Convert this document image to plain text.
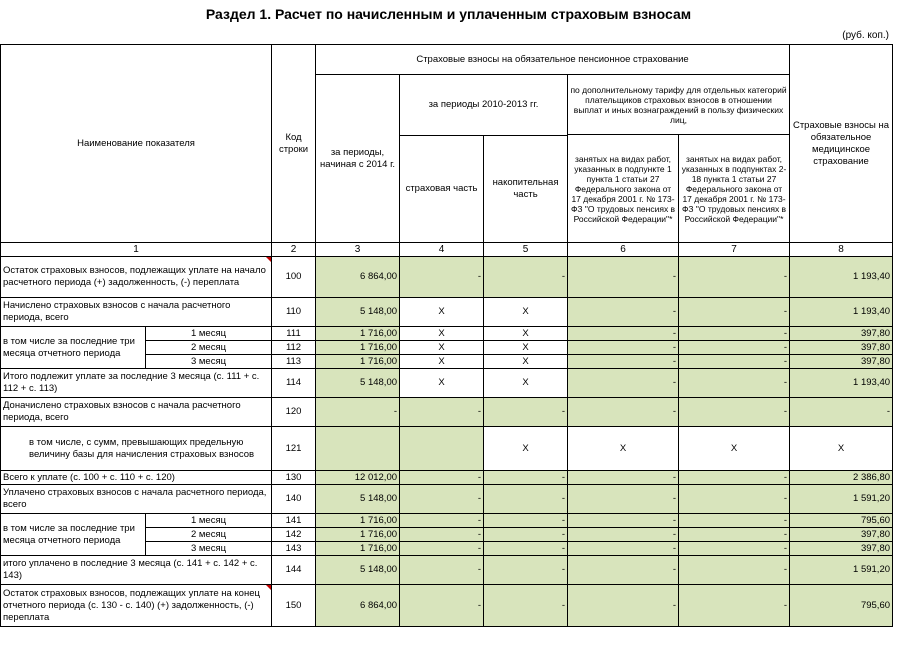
Раздел 1. Расчет по начисленным и уплаченным страховым взносам
(руб. коп.)
Наименование показателя		Код строки	Страховые взносы на обязательное пенсионное страхование					Страховые взносы на обязательное медицинское страхование
			за периоды, начиная с 2014 г.	за периоды 2010-2013 гг.		по дополнительному тарифу для отдельных категорий плательщиков страховых взносов в отношении выплат и иных вознаграждений в пользу физических лиц,		
						занятых на видах работ, указанных в подпункте 1 пункта 1 статьи 27 Федерального закона от 17 декабря 2001 г. № 173-ФЗ "О трудовых пенсиях в Российской Федерации"*	занятых на видах работ, указанных в подпунктах 2-18 пункта 1 статьи 27 Федерального закона от 17 декабря 2001 г. № 173-ФЗ "О трудовых пенсиях в Российской Федерации"*	
				страховая часть	накопительная часть			
1		2	3	4	5	6	7	8
Остаток страховых взносов, подлежащих уплате на начало расчетного периода (+) задолженность, (-) переплата		100	6 864,00	-	-	-	-	1 193,40
Начислено страховых взносов с начала расчетного периода, всего		110	5 148,00	X	X	-	-	1 193,40
в том числе за последние три месяца отчетного периода	1 месяц	111	1 716,00	X	X	-	-	397,80
	2 месяц	112	1 716,00	X	X	-	-	397,80
	3 месяц	113	1 716,00	X	X	-	-	397,80
Итого подлежит уплате за последние 3 месяца (с. 111 + с. 112 + с. 113)		114	5 148,00	X	X	-	-	1 193,40
Доначислено страховых взносов с начала расчетного периода, всего		120	-	-	-	-	-	-
в том числе, с сумм, превышающих предельную величину базы для начисления страховых взносов		121			X	X	X	X
Всего к уплате (с. 100 + с. 110 + с. 120)		130	12 012,00	-	-	-	-	2 386,80
Уплачено страховых взносов с начала расчетного периода, всего		140	5 148,00	-	-	-	-	1 591,20
в том числе за последние три месяца отчетного периода	1 месяц	141	1 716,00	-	-	-	-	795,60
	2 месяц	142	1 716,00	-	-	-	-	397,80
	3 месяц	143	1 716,00	-	-	-	-	397,80
итого уплачено в последние 3 месяца (с. 141 + с. 142 + с. 143)		144	5 148,00	-	-	-	-	1 591,20
Остаток страховых взносов, подлежащих уплате на конец отчетного периода (с. 130 - с. 140) (+) задолженность, (-) переплата		150	6 864,00	-	-	-	-	795,60
